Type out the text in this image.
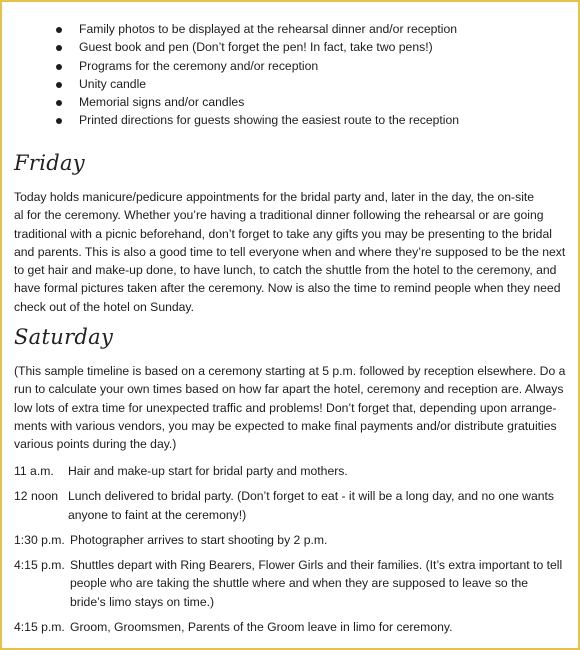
Family photos to be displayed at the rehearsal dinner and/or reception
Guest book and pen (Don’t forget the pen! In fact, take two pens!)
Programs for the ceremony and/or reception
Unity candle
Memorial signs and/or candles
Printed directions for guests showing the easiest route to the reception
Friday
Today holds manicure/pedicure appointments for the bridal party and, later in the day, the on-site
al for the ceremony. Whether you’re having a traditional dinner following the rehearsal or are going
traditional with a picnic beforehand, don’t forget to take any gifts you may be presenting to the bridal
and parents. This is also a good time to tell everyone when and where they’re supposed to be the next
to get hair and make-up done, to have lunch, to catch the shuttle from the hotel to the ceremony, and
have formal pictures taken after the ceremony. Now is also the time to remind people when they need
check out of the hotel on Sunday.
Saturday
(This sample timeline is based on a ceremony starting at 5 p.m. followed by reception elsewhere. Do a
run to calculate your own times based on how far apart the hotel, ceremony and reception are. Always
low lots of extra time for unexpected traffic and problems! Don’t forget that, depending upon arrange-
ments with various vendors, you may be expected to make final payments and/or distribute gratuities
various points during the day.)
11 a.m.	Hair and make-up start for bridal party and mothers.
12 noon Lunch delivered to bridal party. (Don’t forget to eat - it will be a long day, and no one wants
anyone to faint at the ceremony!)
1:30 p.m. Photographer arrives to start shooting by 2 p.m.
4:15 p.m. Shuttles depart with Ring Bearers, Flower Girls and their families. (It’s extra important to tell
people who are taking the shuttle where and when they are supposed to leave so the
bride’s limo stays on time.)
4:15 p.m. Groom, Groomsmen, Parents of the Groom leave in limo for ceremony.
